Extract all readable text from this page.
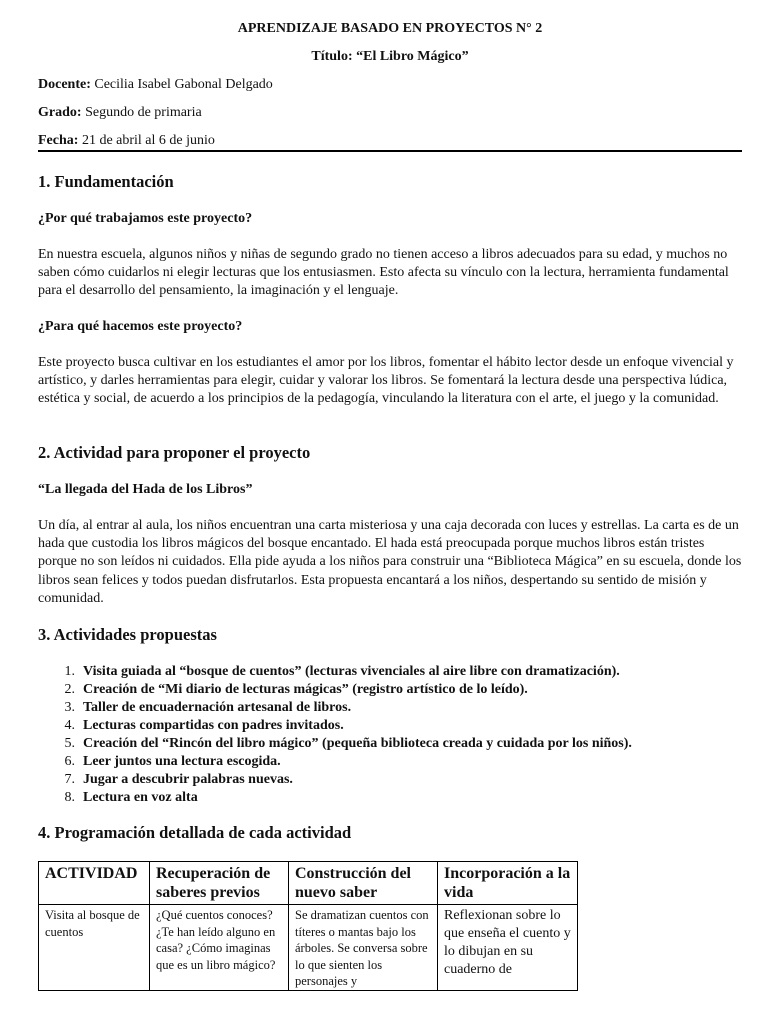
APRENDIZAJE BASADO EN PROYECTOS N° 2
Título: “El Libro Mágico”
Docente: Cecilia Isabel Gabonal Delgado
Grado: Segundo de primaria
Fecha: 21 de abril al 6 de junio
1. Fundamentación
¿Por qué trabajamos este proyecto?
En nuestra escuela, algunos niños y niñas de segundo grado no tienen acceso a libros adecuados para su edad, y muchos no saben cómo cuidarlos ni elegir lecturas que los entusiasmen. Esto afecta su vínculo con la lectura, herramienta fundamental para el desarrollo del pensamiento, la imaginación y el lenguaje.
¿Para qué hacemos este proyecto?
Este proyecto busca cultivar en los estudiantes el amor por los libros, fomentar el hábito lector desde un enfoque vivencial y artístico, y darles herramientas para elegir, cuidar y valorar los libros. Se fomentará la lectura desde una perspectiva lúdica, estética y social, de acuerdo a los principios de la pedagogía, vinculando la literatura con el arte, el juego y la comunidad.
2. Actividad para proponer el proyecto
“La llegada del Hada de los Libros”
Un día, al entrar al aula, los niños encuentran una carta misteriosa y una caja decorada con luces y estrellas. La carta es de un hada que custodia los libros mágicos del bosque encantado. El hada está preocupada porque muchos libros están tristes porque no son leídos ni cuidados. Ella pide ayuda a los niños para construir una “Biblioteca Mágica” en su escuela, donde los libros sean felices y todos puedan disfrutarlos. Esta propuesta encantará a los niños, despertando su sentido de misión y comunidad.
3. Actividades propuestas
1. Visita guiada al “bosque de cuentos” (lecturas vivenciales al aire libre con dramatización).
2. Creación de “Mi diario de lecturas mágicas” (registro artístico de lo leído).
3. Taller de encuadernación artesanal de libros.
4. Lecturas compartidas con padres invitados.
5. Creación del “Rincón del libro mágico” (pequeña biblioteca creada y cuidada por los niños).
6. Leer juntos una lectura escogida.
7. Jugar a descubrir palabras nuevas.
8. Lectura en voz alta
4. Programación detallada de cada actividad
ACTIVIDAD	Recuperación de saberes previos	Construcción del nuevo saber	Incorporación a la vida

Visita al bosque de cuentos	¿Qué cuentos conoces? ¿Te han leído alguno en casa? ¿Cómo imaginas que es un libro mágico?	Se dramatizan cuentos con títeres o mantas bajo los árboles. Se conversa sobre lo que sienten los personajes y	Reflexionan sobre lo que enseña el cuento y lo dibujan en su cuaderno de
